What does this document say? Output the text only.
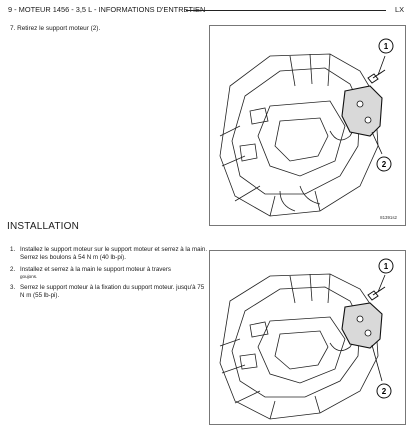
9 - MOTEUR 1456 - 3,5 L - INFORMATIONS D'ENTRETIEN	LX
7. Retirez le support moteur (2).
1
2
81391s2
INSTALLATION
1. Installez le support moteur sur le support moteur et serrez à la main. Serrez les boulons à 54 N m (40 lb-pi).
2. Installez et serrez à la main le support moteur à travers
goujons.
3. Serrez le support moteur à la fixation du support moteur. jusqu'à 75 N m (55 lb-pi).
1
2
